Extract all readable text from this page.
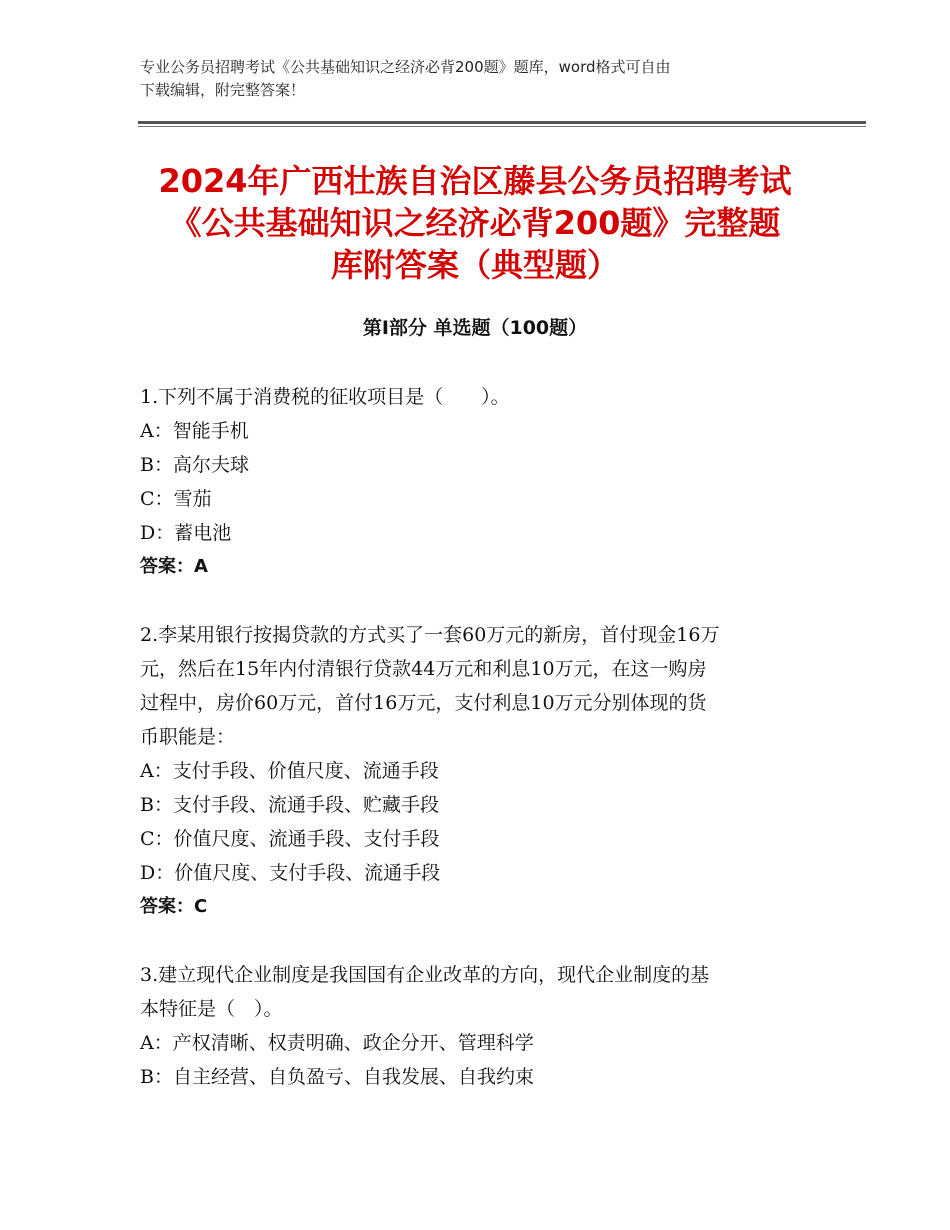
专业公务员招聘考试《公共基础知识之经济必背200题》题库，word格式可自由
下载编辑，附完整答案！
2024年广西壮族自治区藤县公务员招聘考试
《公共基础知识之经济必背200题》完整题
库附答案（典型题）
第Ⅰ部分 单选题（100题）
1.下列不属于消费税的征收项目是（　　）。
A：智能手机
B：高尔夫球
C：雪茄
D：蓄电池
答案：A
2.李某用银行按揭贷款的方式买了一套60万元的新房，首付现金16万
元，然后在15年内付清银行贷款44万元和利息10万元，在这一购房
过程中，房价60万元，首付16万元，支付利息10万元分别体现的货
币职能是：
A：支付手段、价值尺度、流通手段
B：支付手段、流通手段、贮藏手段
C：价值尺度、流通手段、支付手段
D：价值尺度、支付手段、流通手段
答案：C
3.建立现代企业制度是我国国有企业改革的方向，现代企业制度的基
本特征是（　）。
A：产权清晰、权责明确、政企分开、管理科学
B：自主经营、自负盈亏、自我发展、自我约束
